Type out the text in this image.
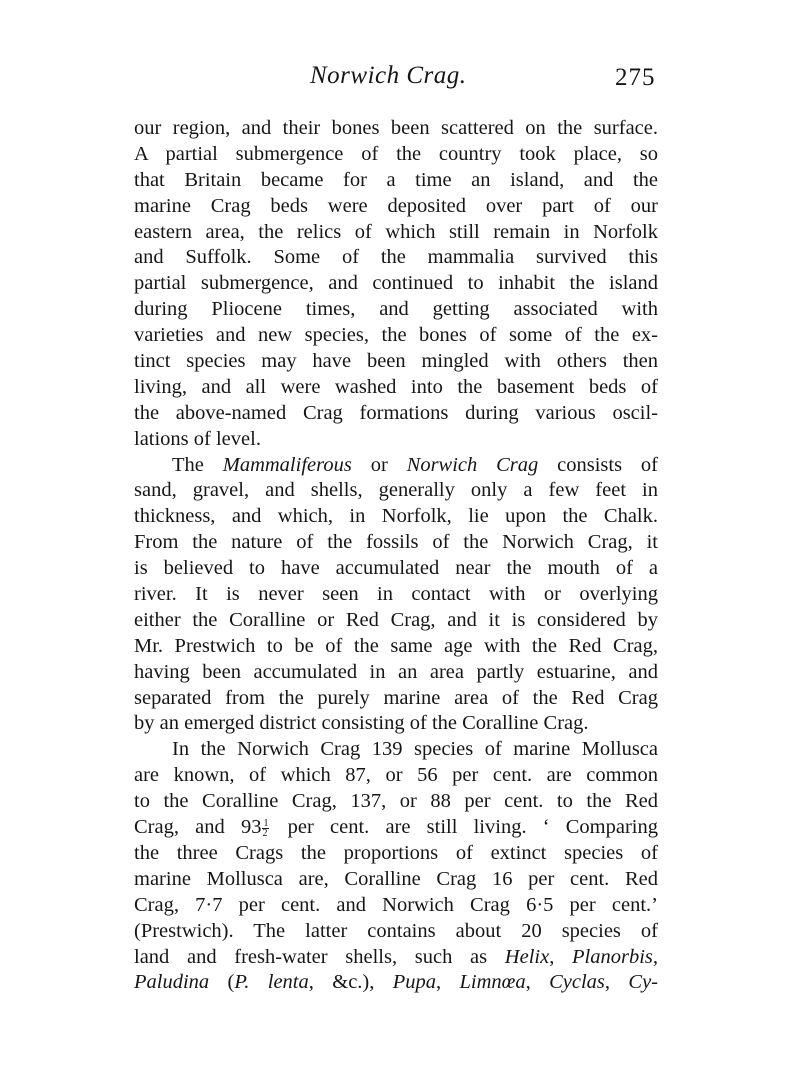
Norwich Crag.	275
our region, and their bones been scattered on the surface.
A partial submergence of the country took place, so
that Britain became for a time an island, and the
marine Crag beds were deposited over part of our
eastern area, the relics of which still remain in Norfolk
and Suffolk. Some of the mammalia survived this
partial submergence, and continued to inhabit the island
during Pliocene times, and getting associated with
varieties and new species, the bones of some of the ex-
tinct species may have been mingled with others then
living, and all were washed into the basement beds of
the above-named Crag formations during various oscil-
lations of level.
The Mammaliferous or Norwich Crag consists of
sand, gravel, and shells, generally only a few feet in
thickness, and which, in Norfolk, lie upon the Chalk.
From the nature of the fossils of the Norwich Crag, it
is believed to have accumulated near the mouth of a
river. It is never seen in contact with or overlying
either the Coralline or Red Crag, and it is considered by
Mr. Prestwich to be of the same age with the Red Crag,
having been accumulated in an area partly estuarine, and
separated from the purely marine area of the Red Crag
by an emerged district consisting of the Coralline Crag.
In the Norwich Crag 139 species of marine Mollusca
are known, of which 87, or 56 per cent. are common
to the Coralline Crag, 137, or 88 per cent. to the Red
Crag, and $93 \frac{1}{2}$ per cent. are still living. ‘ Comparing
the three Crags the proportions of extinct species of
marine Mollusca are, Coralline Crag 16 per cent. Red
Crag, 7·7 per cent. and Norwich Crag 6·5 per cent.’
(Prestwich). The latter contains about 20 species of
land and fresh-water shells, such as Helix, Planorbis,
Paludina (P. lenta, &c.), Pupa, Limnœa, Cyclas, Cy-
